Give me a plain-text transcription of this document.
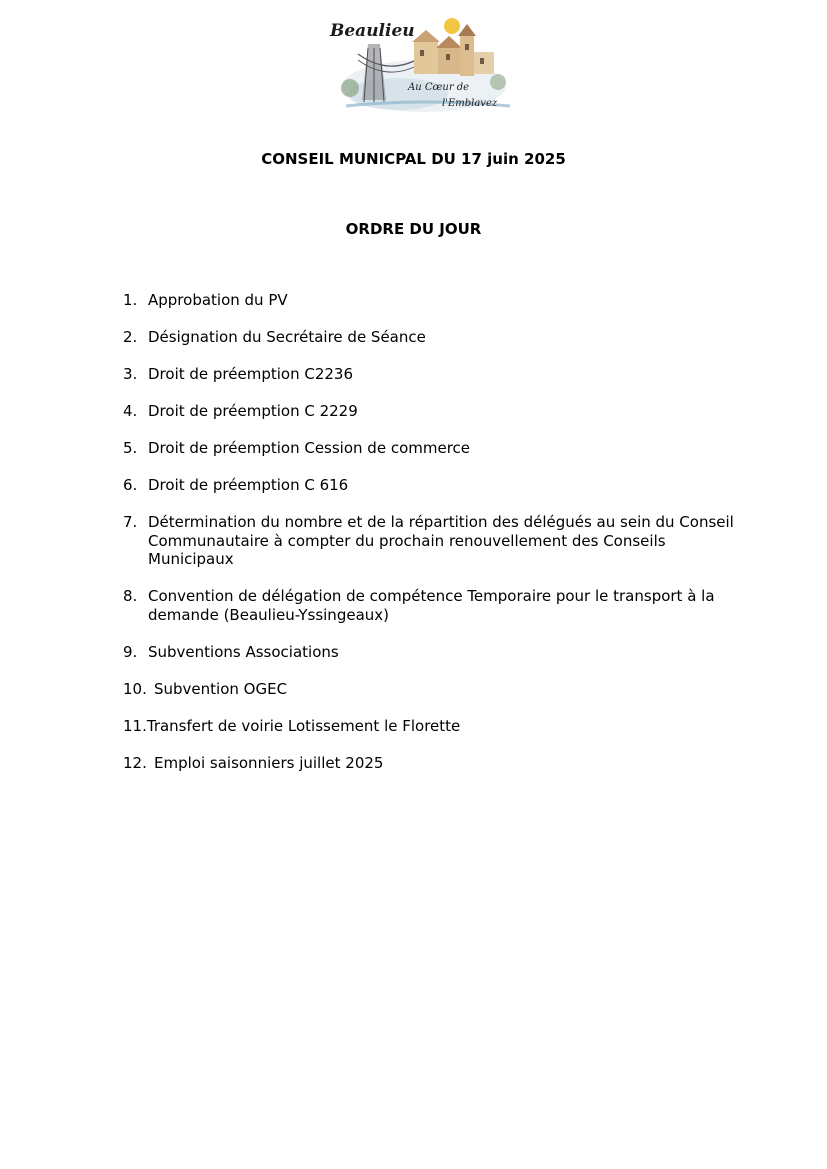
Beaulieu
Au Cœur de
l'Emblavez
CONSEIL MUNICPAL DU 17 juin 2025
ORDRE DU JOUR
1. Approbation du PV
2. Désignation du Secrétaire de Séance
3. Droit de préemption C2236
4. Droit de préemption C 2229
5. Droit de préemption Cession de commerce
6. Droit de préemption C 616
7. Détermination du nombre et de la répartition des délégués au sein du Conseil Communautaire à compter du prochain renouvellement des Conseils Municipaux
8. Convention de délégation de compétence Temporaire pour le transport à la demande (Beaulieu-Yssingeaux)
9. Subventions Associations
10. Subvention OGEC
11. Transfert de voirie Lotissement le Florette
12. Emploi saisonniers juillet 2025
